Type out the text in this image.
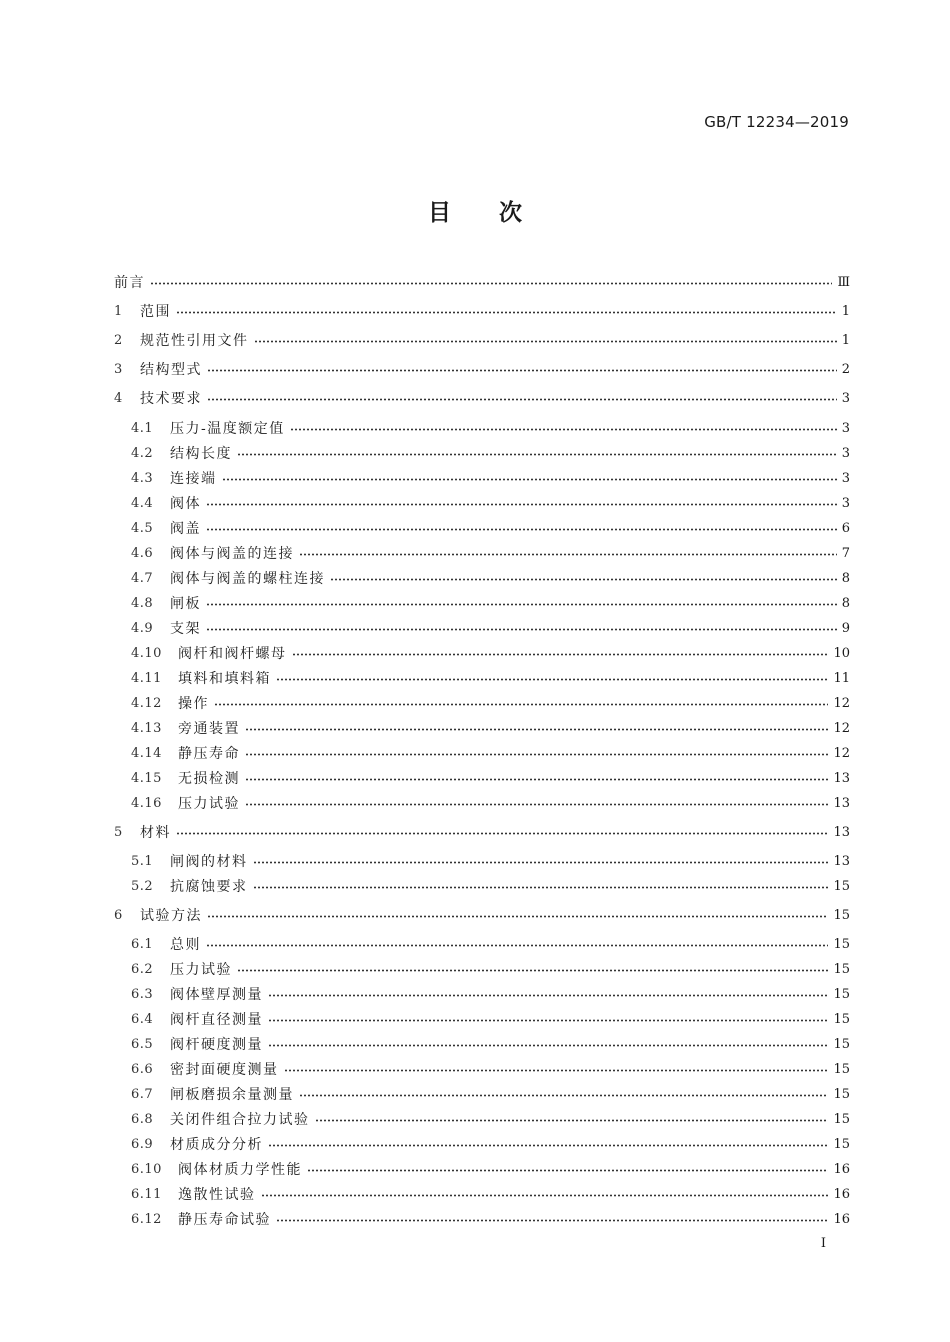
GB/T 12234—2019
目次
前言	Ⅲ
1	范围	1
2	规范性引用文件	1
3	结构型式	2
4	技术要求	3
4.1	压力-温度额定值	3
4.2	结构长度	3
4.3	连接端	3
4.4	阀体	3
4.5	阀盖	6
4.6	阀体与阀盖的连接	7
4.7	阀体与阀盖的螺柱连接	8
4.8	闸板	8
4.9	支架	9
4.10	阀杆和阀杆螺母	10
4.11	填料和填料箱	11
4.12	操作	12
4.13	旁通装置	12
4.14	静压寿命	12
4.15	无损检测	13
4.16	压力试验	13
5	材料	13
5.1	闸阀的材料	13
5.2	抗腐蚀要求	15
6	试验方法	15
6.1	总则	15
6.2	压力试验	15
6.3	阀体壁厚测量	15
6.4	阀杆直径测量	15
6.5	阀杆硬度测量	15
6.6	密封面硬度测量	15
6.7	闸板磨损余量测量	15
6.8	关闭件组合拉力试验	15
6.9	材质成分分析	15
6.10	阀体材质力学性能	16
6.11	逸散性试验	16
6.12	静压寿命试验	16
I
